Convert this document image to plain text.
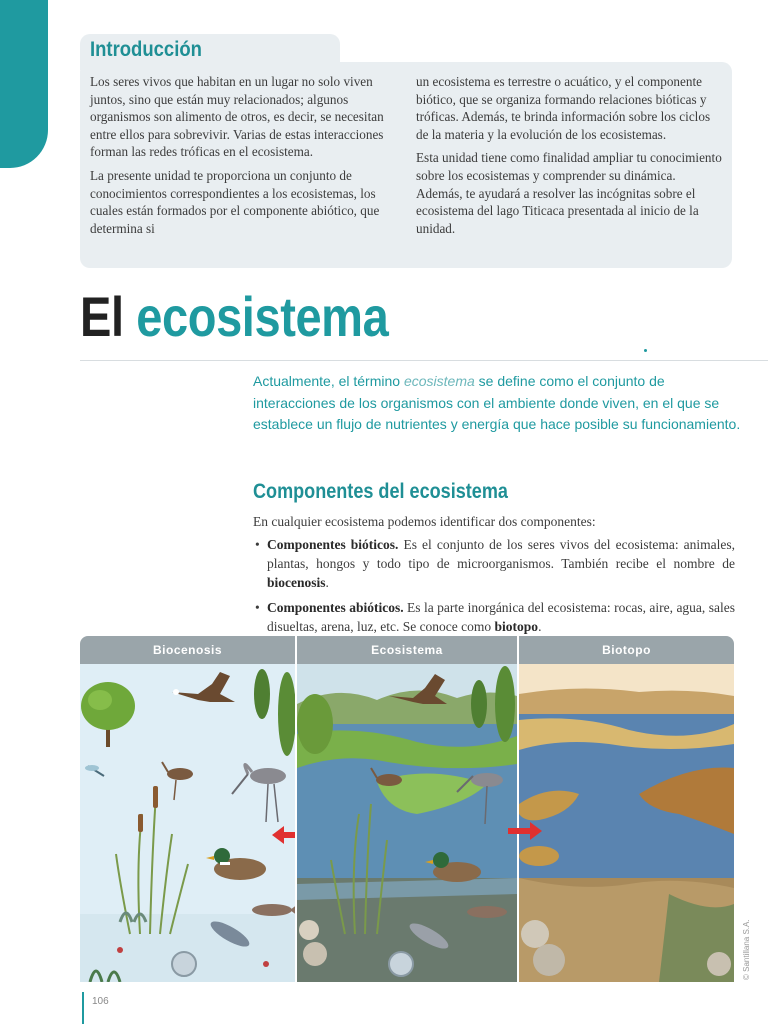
Introducción

Los seres vivos que habitan en un lugar no solo viven juntos, sino que están muy relacionados; algunos organismos son alimento de otros, es decir, se necesitan entre ellos para sobrevivir. Varias de estas interacciones forman las redes tróficas en el ecosistema.

La presente unidad te proporciona un conjunto de conocimientos correspondientes a los ecosistemas, los cuales están formados por el componente abiótico, que determina si

un ecosistema es terrestre o acuático, y el componente biótico, que se organiza formando relaciones bióticas y tróficas. Además, te brinda información sobre los ciclos de la materia y la evolución de los ecosistemas.

Esta unidad tiene como finalidad ampliar tu conocimiento sobre los ecosistemas y comprender su dinámica. Además, te ayudará a resolver las incógnitas sobre el ecosistema del lago Titicaca presentada al inicio de la unidad.

El ecosistema

Actualmente, el término ecosistema se define como el conjunto de interacciones de los organismos con el ambiente donde viven, en el que se establece un flujo de nutrientes y energía que hace posible su funcionamiento.

Componentes del ecosistema

En cualquier ecosistema podemos identificar dos componentes:

• Componentes bióticos. Es el conjunto de los seres vivos del ecosistema: animales, plantas, hongos y todo tipo de microorganismos. También recibe el nombre de biocenosis.
• Componentes abióticos. Es la parte inorgánica del ecosistema: rocas, aire, agua, sales disueltas, arena, luz, etc. Se conoce como biotopo.
Biocenosis	Ecosistema	Biotopo
106
© Santillana S.A.
